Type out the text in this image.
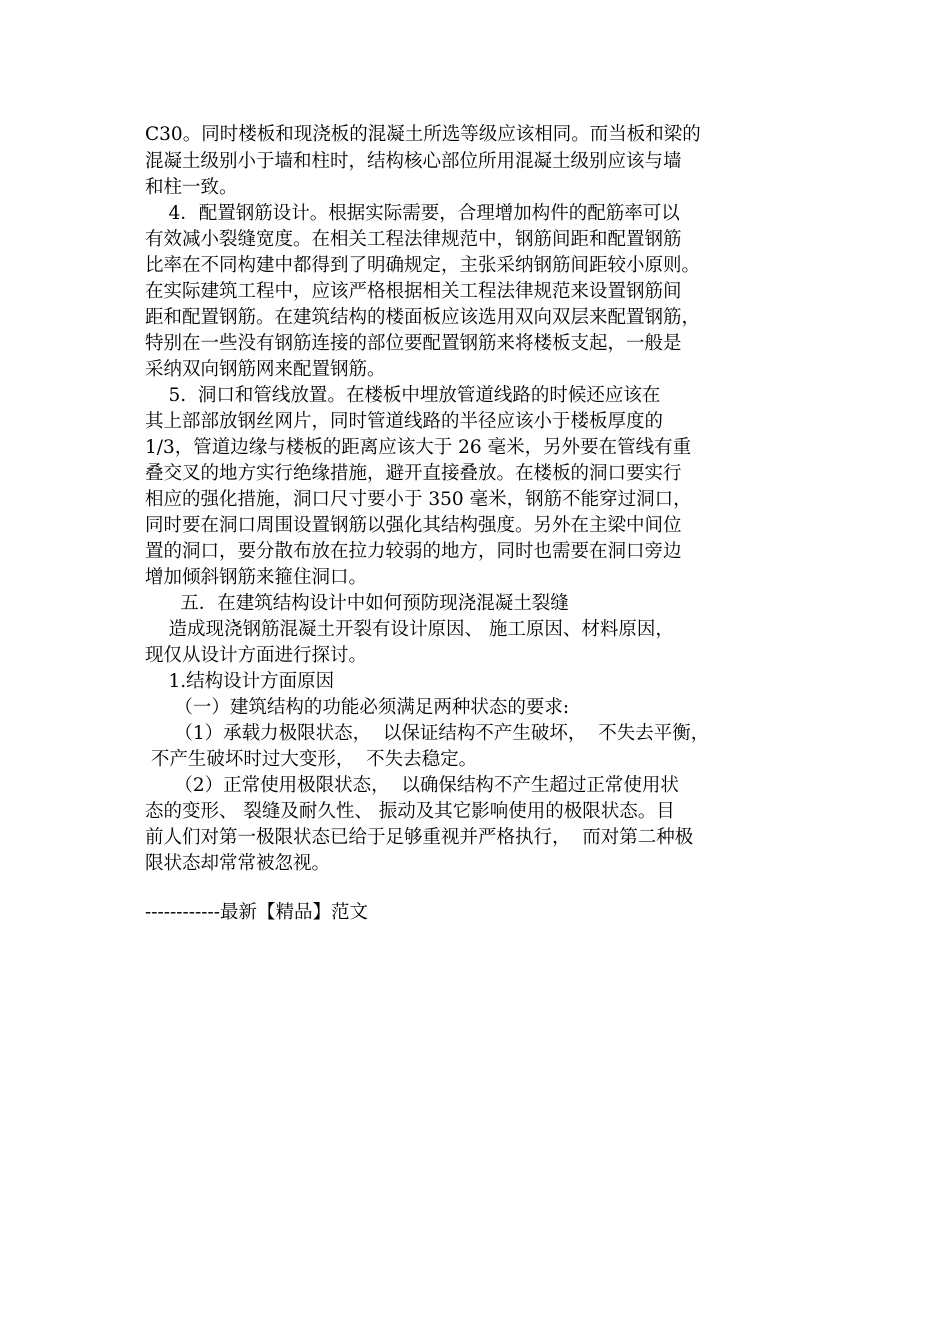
C30。同时楼板和现浇板的混凝土所选等级应该相同。而当板和梁的

混凝土级别小于墙和柱时，结构核心部位所用混凝土级别应该与墙

和柱一致。

4．配置钢筋设计。根据实际需要，合理增加构件的配筋率可以

有效减小裂缝宽度。在相关工程法律规范中，钢筋间距和配置钢筋

比率在不同构建中都得到了明确规定，主张采纳钢筋间距较小原则。

在实际建筑工程中，应该严格根据相关工程法律规范来设置钢筋间

距和配置钢筋。在建筑结构的楼面板应该选用双向双层来配置钢筋，

特别在一些没有钢筋连接的部位要配置钢筋来将楼板支起，一般是

采纳双向钢筋网来配置钢筋。

5.  洞口和管线放置。在楼板中埋放管道线路的时候还应该在

其上部部放钢丝网片，同时管道线路的半径应该小于楼板厚度的

1/3，管道边缘与楼板的距离应该大于 26 毫米，另外要在管线有重

叠交叉的地方实行绝缘措施，避开直接叠放。在楼板的洞口要实行

相应的强化措施，洞口尺寸要小于 350 毫米，钢筋不能穿过洞口，

同时要在洞口周围设置钢筋以强化其结构强度。另外在主梁中间位

置的洞口，要分散布放在拉力较弱的地方，同时也需要在洞口旁边

增加倾斜钢筋来箍住洞口。

五．在建筑结构设计中如何预防现浇混凝土裂缝

造成现浇钢筋混凝土开裂有设计原因、 施工原因、材料原因，

现仅从设计方面进行探讨。

1.结构设计方面原因

（一）建筑结构的功能必须满足两种状态的要求:

（1）承载力极限状态，  以保证结构不产生破坏，  不失去平衡，

不产生破坏时过大变形，  不失去稳定。

（2）正常使用极限状态，  以确保结构不产生超过正常使用状

态的变形、 裂缝及耐久性、 振动及其它影响使用的极限状态。目

前人们对第一极限状态已给于足够重视并严格执行，  而对第二种极

限状态却常常被忽视。

------------最新【精品】范文
